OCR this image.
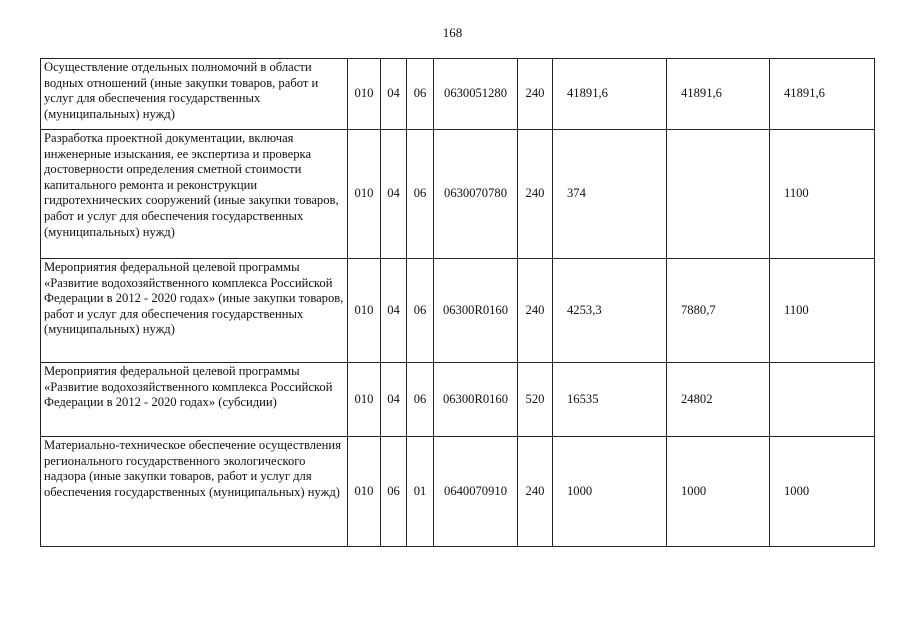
168
Осуществление отдельных полномочий в области водных отношений (иные закупки товаров, работ и услуг для обеспечения государственных (муниципальных) нужд)	010	04	06	0630051280	240	41891,6	41891,6	41891,6
Разработка проектной документации, включая инженерные изыскания, ее экспертиза и проверка достоверности определения сметной стоимости капитального ремонта и реконструкции гидротехнических сооружений (иные закупки товаров, работ и услуг для обеспечения государственных (муниципальных) нужд)	010	04	06	0630070780	240	374		1100
Мероприятия федеральной целевой программы «Развитие водохозяйственного комплекса Российской Федерации в 2012 - 2020 годах» (иные закупки товаров, работ и услуг для обеспечения государственных (муниципальных) нужд)	010	04	06	06300R0160	240	4253,3	7880,7	1100
Мероприятия федеральной целевой программы «Развитие водохозяйственного комплекса Российской Федерации в 2012 - 2020 годах» (субсидии)	010	04	06	06300R0160	520	16535	24802	
Материально-техническое обеспечение осуществления регионального государственного экологического надзора (иные закупки товаров, работ и услуг для обеспечения государственных (муниципальных) нужд)	010	06	01	0640070910	240	1000	1000	1000
